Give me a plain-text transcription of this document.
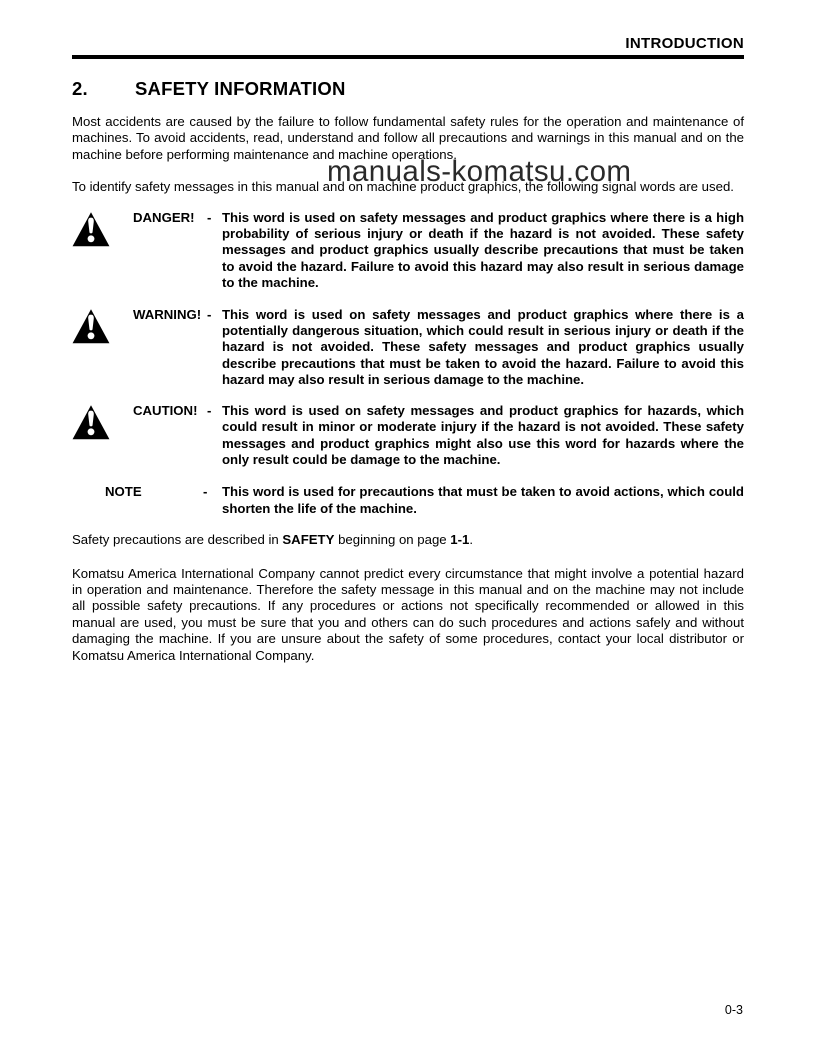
INTRODUCTION
2.	SAFETY INFORMATION

Most accidents are caused by the failure to follow fundamental safety rules for the operation and maintenance of machines. To avoid accidents, read, understand and follow all precautions and warnings in this manual and on the machine before performing maintenance and machine operations.

To identify safety messages in this manual and on machine product graphics, the following signal words are used.

DANGER! - This word is used on safety messages and product graphics where there is a high probability of serious injury or death if the hazard is not avoided. These safety messages and product graphics usually describe precautions that must be taken to avoid the hazard. Failure to avoid this hazard may also result in serious damage to the machine.
WARNING! - This word is used on safety messages and product graphics where there is a potentially dangerous situation, which could result in serious injury or death if the hazard is not avoided. These safety messages and product graphics usually describe precautions that must be taken to avoid the hazard. Failure to avoid this hazard may also result in serious damage to the machine.
CAUTION! - This word is used on safety messages and product graphics for hazards, which could result in minor or moderate injury if the hazard is not avoided. These safety messages and product graphics might also use this word for hazards where the only result could be damage to the machine.
NOTE	-	This word is used for precautions that must be taken to avoid actions, which could shorten the life of the machine.

Safety precautions are described in SAFETY beginning on page 1-1.

Komatsu America International Company cannot predict every circumstance that might involve a potential hazard in operation and maintenance. Therefore the safety message in this manual and on the machine may not include all possible safety precautions. If any procedures or actions not specifically recommended or allowed in this manual are used, you must be sure that you and others can do such procedures and actions safely and without damaging the machine. If you are unsure about the safety of some procedures, contact your local distributor or Komatsu America International Company.

manuals-komatsu.com
0-3
